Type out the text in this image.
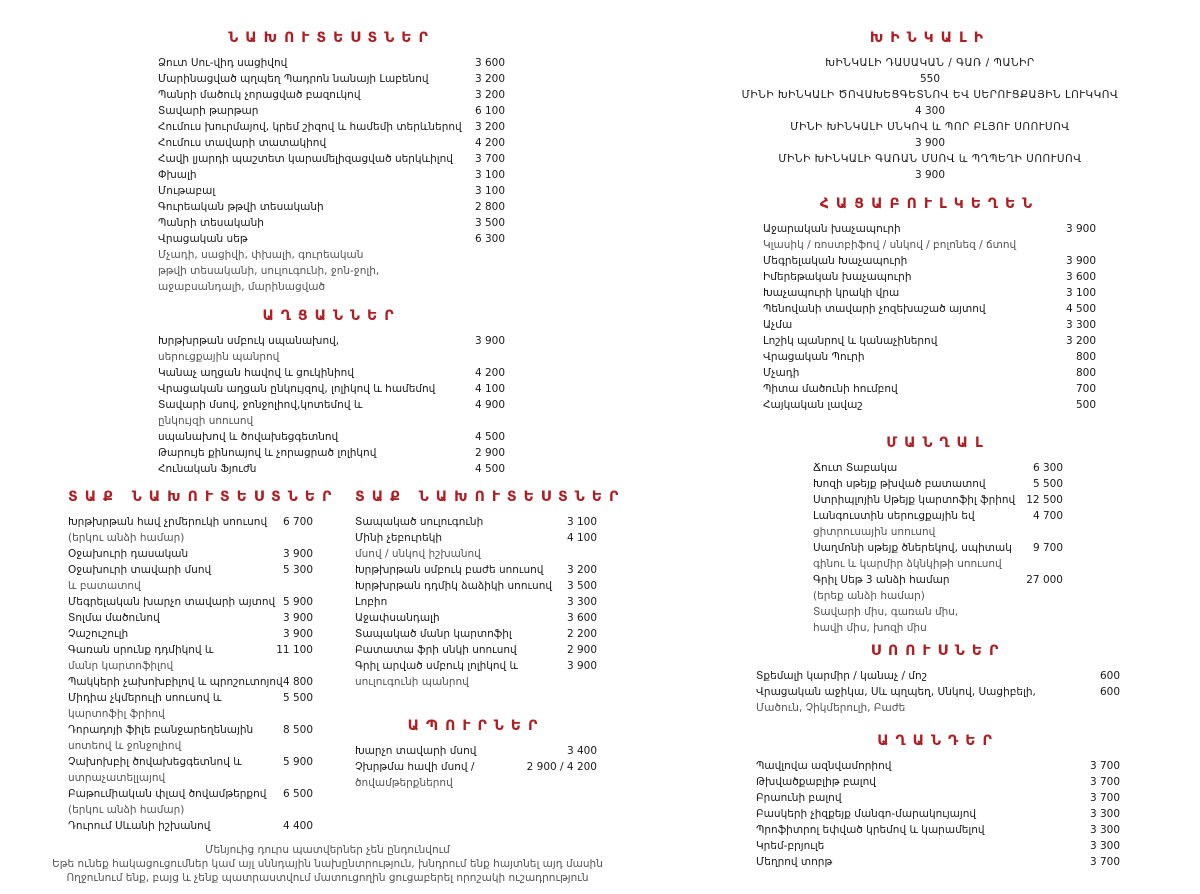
ՆԱԽՈՒՏԵՍՏՆԵՐ
Ձուտ Սու-վիդ սացիվով	3 600
Մարինացված պղպեղ Պադրոն նանայի Լաբենով	3 200
Պանրի մածուկ չորացված բազուկով	3 200
Տավարի թարթար	6 100
Հումուս խուրմայով, կրեմ շիզով և համեմի տերևներով 3 200
Հումուս տավարի տատակիով	4 200
Հավի լյարդի պաշտետ կարամելիզացված սերկևիլով 3 700
Փխալի	3 100
Մութաբալ	3 100
Գուրեական թթվի տեսականի	2 800
Պանրի տեսականի	3 500
Վրացական սեթ	6 300
Մչադի, սացիվի, փխալի, գուրեական
թթվի տեսականի, սուլուգունի, ջոն-ջոլի,
աջաբսանդալի, մարինացված
ԱՂՑԱՆՆԵՐ
Խրթխրթան սմբուկ սպանախով,	3 900
սերուցքային պանրով
Կանաչ աղցան հավով և ցուկինիով	4 200
Վրացական աղցան ընկույզով, լոլիկով և համեմով	4 100
Տավարի մսով, ջոնջոլիով,կոտեմով և	4 900
ընկույզի սոուսով
սպանախով և ծովախեցգետնով	4 500
Թարույե քինոայով և չորացրած լոլիկով	2 900
Հունական Ֆյուժն	4 500
ՏԱՔ ՆԱԽՈՒՏԵՍՏՆԵՐ
Խրթխրթան հավ չրմերուկի սոուսով 6 700
(երկու անձի համար)
Օջախուրի դասական	3 900
Օջախուրի տավարի մսով	5 300
և բատատով
Մեգրելական խարչո տավարի այտով 5 900
Տոլմա մածունով	3 900
Չաշուշուլի	3 900
Գառան սրունք դդմիկով և	11 100
մանր կարտոֆիլով
Պակկերի չախոխբիլով և պրոշուտոյով 4 800
Միդիա չկմերուլի սոուսով և	5 500
կարտոֆիլ ֆրիով
Դորադոյի ֆիլե բանջարեղենային	8 500
սոտեով և ջոնջոլիով
Չախոխբիլ ծովախեցգետնով և	5 900
ստրաչատելլայով
Բաթումիական փլավ ծովամթերքով 6 500
(երկու անձի համար)
Դուրում Սևանի իշխանով	4 400
ՏԱՔ ՆԱԽՈՒՏԵՍՏՆԵՐ
Տապակած սուլուգունի	3 100
Մինի չեբուրեկի	4 100
մսով / սնկով իշխանով
Խրթխրթան սմբուկ բաժե սոուսով 3 200
Խրթխրթան դդմիկ ձաձիկի սոուսով 3 500
Լոբիո	3 300
Աջափսանդալի	3 600
Տապակած մանր կարտոֆիլ	2 200
Բատատա ֆրի սնկի սոուսով	2 900
Գրիլ արված սմբուկ լոլիկով և	3 900
սուլուգունի պանրով
ԱՊՈՒՐՆԵՐ
Խարչո տավարի մսով	3 400
Չխրթմա հավի մսով /	2 900 / 4 200
ծովամթերքներով
ԽԻՆԿԱԼԻ
ԽԻՆԿԱԼԻ ԴԱՍԱԿԱՆ / ԳԱՌ / ՊԱՆԻՐ
550
ՄԻՆԻ ԽԻՆԿԱԼԻ ԾՈՎԱԽԵՑԳԵՏՆՈՎ ԵՎ ՍԵՐՈՒՑՔԱՅԻՆ ԼՈՒԿԿՈՎ
4 300
ՄԻՆԻ ԽԻՆԿԱԼԻ ՍՆԿՈՎ և ՊՈՐ ԲԼՅՈՒ ՍՈՈՒՍՈՎ
3 900
ՄԻՆԻ ԽԻՆԿԱԼԻ ԳԱՌԱՆ ՄՍՈՎ և ՊՂՊԵՂԻ ՍՈՈՒՍՈՎ
3 900
ՀԱՑԱԲՈՒԼԿԵՂԵՆ
Աջարական խաչապուրի	3 900
Կլասիկ / ռոստբիֆով / սնկով / բոլոնեզ / ճտով
Մեգրելական Խաչապուրի	3 900
Իմերեթական խաչապուրի	3 600
Խաչապուրի կրակի վրա	3 100
Պենովանի տավարի չոզեխաշած այտով	4 500
Աչմա	3 300
Լոշիկ պանրով և կանաչիներով	3 200
Վրացական Պուրի	800
Մչադի	800
Պիտա մածունի հումբով	700
Հայկական լավաշ	500
ՄԱՆՂԱԼ
Ճուտ Տաբակա	6 300
Խոզի սթեյք թխված բատատով	5 500
Ստրիպլոյին Սթեյք կարտոֆիլ ֆրիով 12 500
Լանգուստին սերուցքային եվ	4 700
ցիտրուսային սոուսով
Սաղմոնի սթեյք ծներեկով, սպիտակ 9 700
գինու և կարմիր ձկնկիթի սոուսով
Գրիլ Սեթ 3 անձի համար	27 000
(երեք անձի համար)
Տավարի միս, գառան միս,
հավի միս, խոզի միս
ՍՈՈՒՍՆԵՐ
Տքեմալի կարմիր / կանաչ / մոշ	600
Վրացական աջիկա, Սև պղպեղ, Սնկով, Սացիբելի,	600
Մածուն, Չիկմերուլի, Բաժե
ԱՂԱՆԴԵՐ
Պավլովա ազնվամորիով	3 700
Թխվածքաբլիթ բալով	3 700
Բրաունի բալով	3 700
Բասկերի չիզքեյք մանգո-մարակույայով	3 300
Պրոֆիտրոլ եփված կրեմով և կարամելով	3 300
Կրեմ-բրյուլե	3 300
Մեղրով տորթ	3 700
Մենյուից դուրս պատվերներ չեն ընդունվում
Եթե ունեք հակացուցումներ կամ այլ սննդային նախընտրություն, խնդրում ենք հայտնել այդ մասին
Ողջունում ենք, բայց և չենք պատրաստվում մատուցողին ցուցաբերել որոշակի ուշադրություն
